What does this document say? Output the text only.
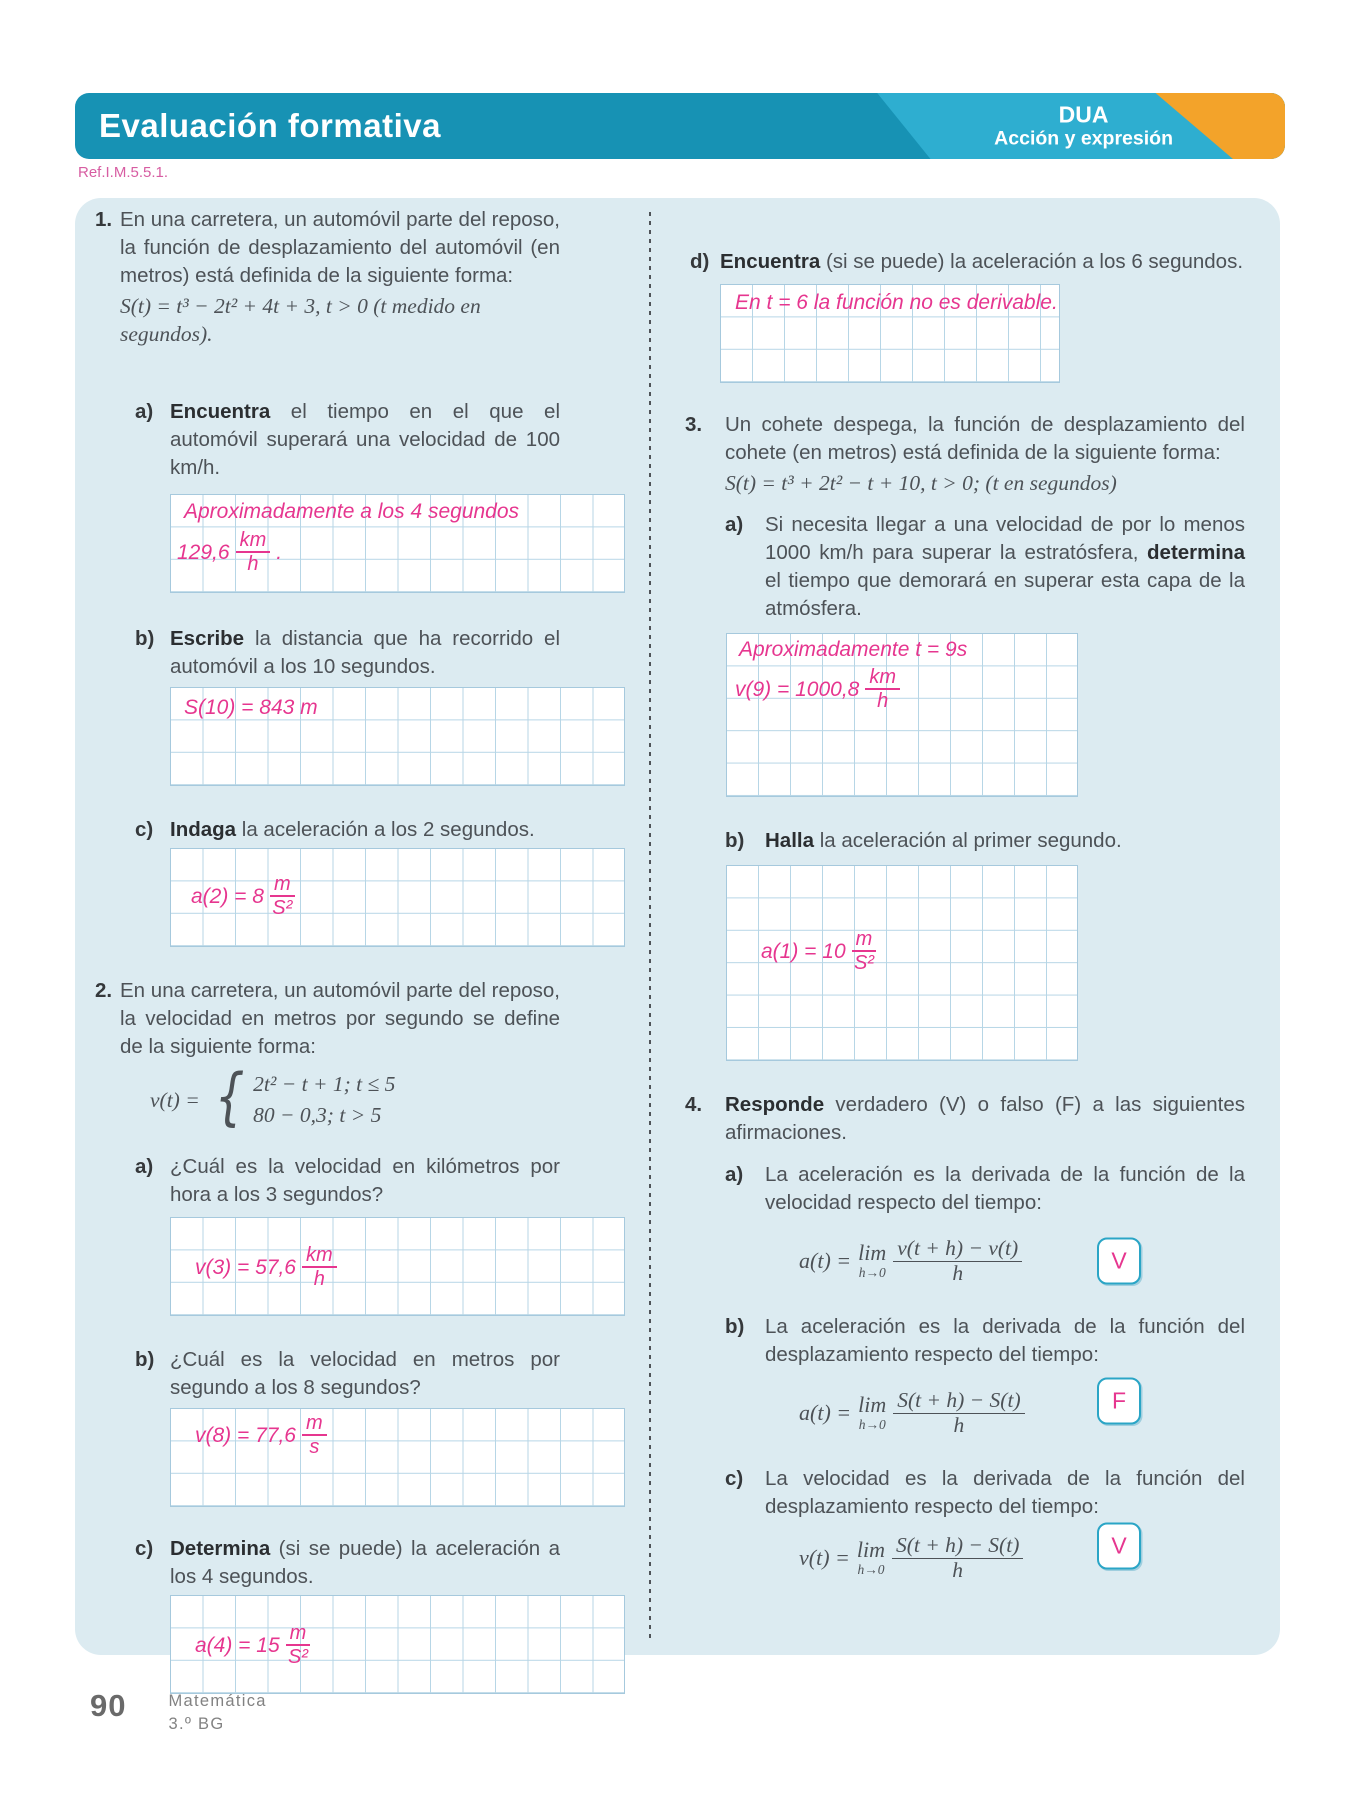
Evaluación formativa	DUA
Acción y expresión
Ref.I.M.5.5.1.
1. En una carretera, un automóvil parte del reposo, la función de desplazamiento del automóvil (en metros) está definida de la siguiente forma:
S(t) = t³ − 2t² + 4t + 3, t > 0 (t medido en segundos).
a) Encuentra el tiempo en el que el automóvil superará una velocidad de 100 km/h.
Aproximadamente a los 4 segundos
$129,6 \frac{km}{h}$ .
b) Escribe la distancia que ha recorrido el automóvil a los 10 segundos.
S(10) = 843 m
c) Indaga la aceleración a los 2 segundos.
$a(2) = 8 \frac{m}{\text{S²}}$
2. En una carretera, un automóvil parte del reposo, la velocidad en metros por segundo se define de la siguiente forma:
v(t) = { 2t² − t + 1; t ≤ 5
80 − 0,3; t > 5
a) ¿Cuál es la velocidad en kilómetros por hora a los 3 segundos?
$v(3) = 57,6 \frac{km}{h}$
b) ¿Cuál es la velocidad en metros por segundo a los 8 segundos?
$v(8) = 77,6 \frac{m}{s}$
c) Determina (si se puede) la aceleración a los 4 segundos.
$a(4) = 15 \frac{m}{\text{S²}}$
d) Encuentra (si se puede) la aceleración a los 6 segundos.
En t = 6 la función no es derivable.
3.	Un cohete despega, la función de desplazamiento del cohete (en metros) está definida de la siguiente forma:
S(t) = t³ + 2t² − t + 10, t > 0; (t en segundos)
a)	Si necesita llegar a una velocidad de por lo menos 1000 km/h para superar la estratósfera, determina el tiempo que demorará en superar esta capa de la atmósfera.
Aproximadamente t = 9s
$v(9) = 1000,8 \frac{km}{h}$
b)	Halla la aceleración al primer segundo.
$a(1) = 10 \frac{m}{\text{S²}}$
4.	Responde verdadero (V) o falso (F) a las siguientes afirmaciones.
a)	La aceleración es la derivada de la función de la velocidad respecto del tiempo:
a(t) = lim
$h\to 0 \frac{v(t + h) - v(t)}{h}$	V
b)	La aceleración es la derivada de la función del desplazamiento respecto del tiempo:
a(t) = lim
$h\to 0 \frac{S(t + h) - S(t)}{h}$	F
c)	La velocidad es la derivada de la función del desplazamiento respecto del tiempo:
v(t) = lim
$h\to 0 \frac{S(t + h) - S(t)}{h}$	V
90	Matemática
3.º BG
